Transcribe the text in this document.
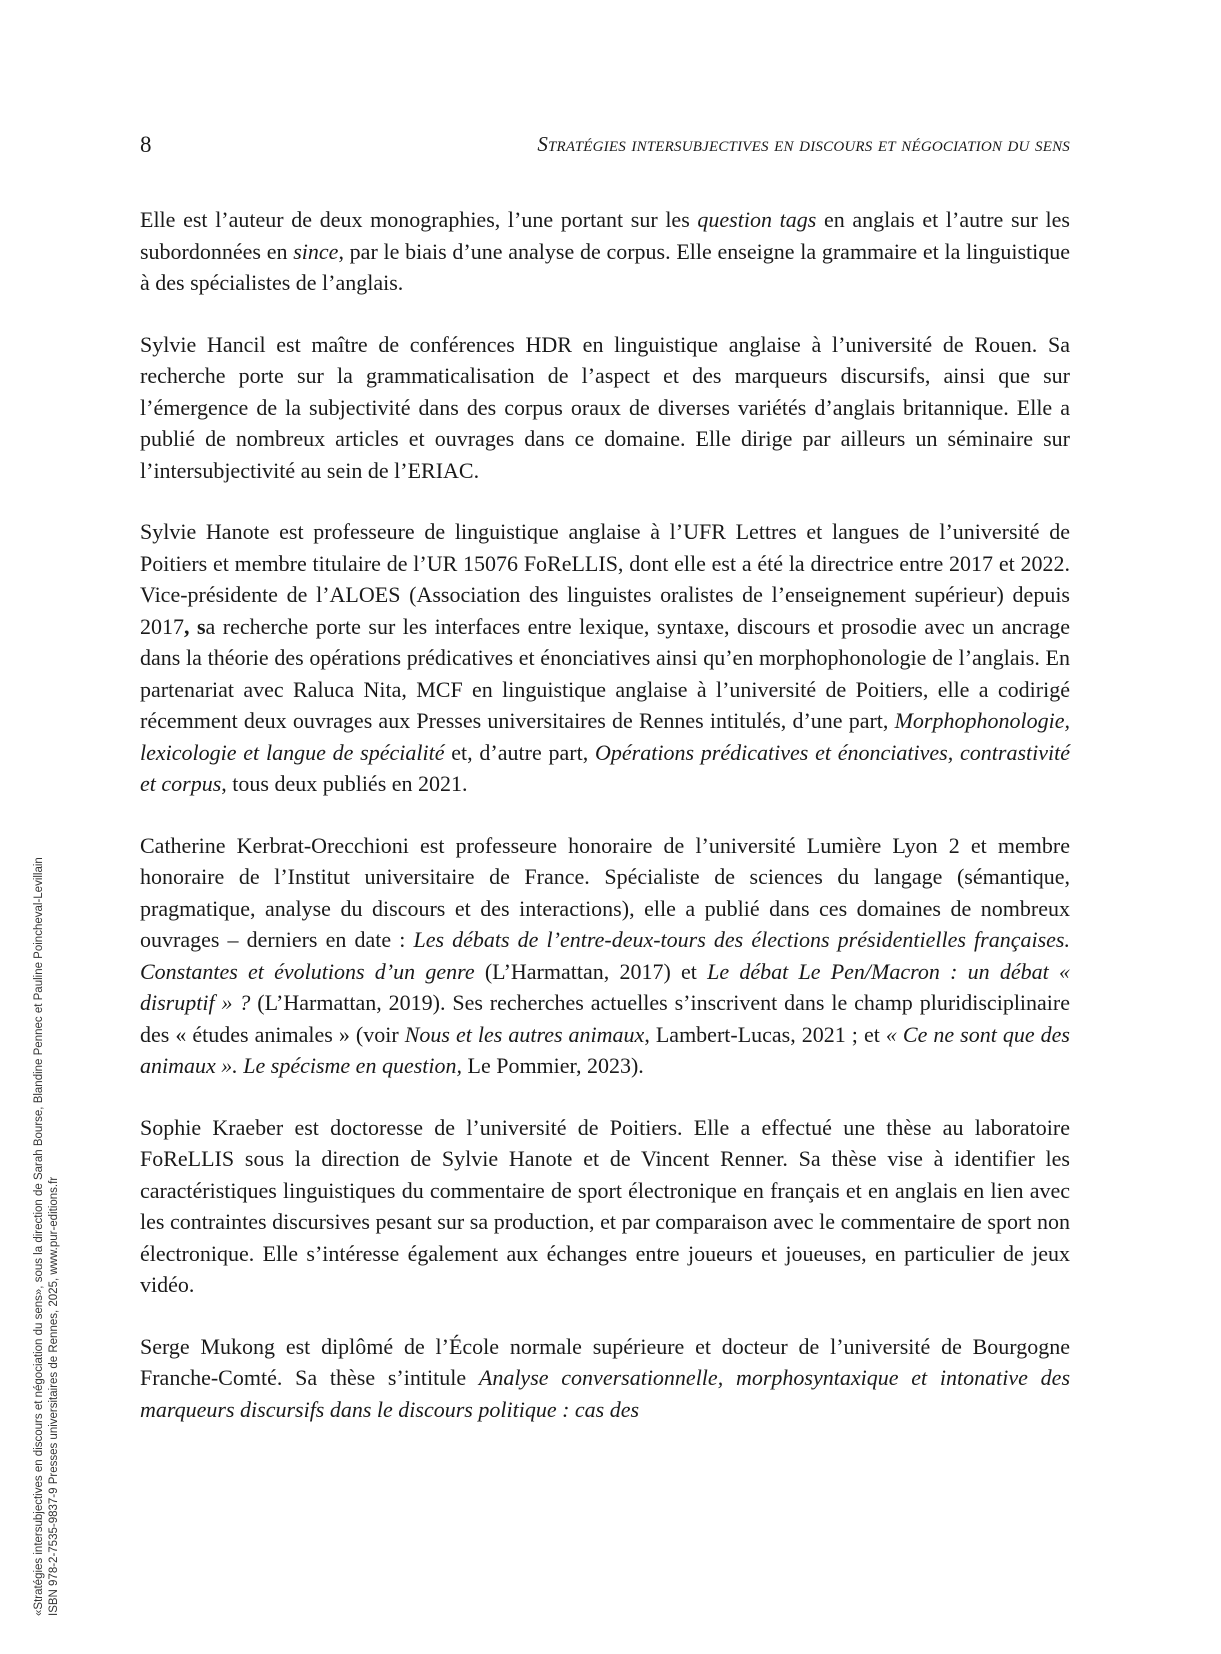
8	Stratégies intersubjectives en discours et négociation du sens

Elle est l’auteur de deux monographies, l’une portant sur les question tags en anglais et l’autre sur les subordonnées en since, par le biais d’une analyse de corpus. Elle enseigne la grammaire et la linguistique à des spécialistes de l’anglais.

Sylvie Hancil est maître de conférences HDR en linguistique anglaise à l’université de Rouen. Sa recherche porte sur la grammaticalisation de l’aspect et des marqueurs discursifs, ainsi que sur l’émergence de la subjectivité dans des corpus oraux de diverses variétés d’anglais britannique. Elle a publié de nombreux articles et ouvrages dans ce domaine. Elle dirige par ailleurs un séminaire sur l’intersubjectivité au sein de l’ERIAC.

Sylvie Hanote est professeure de linguistique anglaise à l’UFR Lettres et langues de l’université de Poitiers et membre titulaire de l’UR 15076 FoReLLIS, dont elle est a été la directrice entre 2017 et 2022. Vice-présidente de l’ALOES (Association des linguistes oralistes de l’enseignement supérieur) depuis 2017, sa recherche porte sur les interfaces entre lexique, syntaxe, discours et prosodie avec un ancrage dans la théorie des opérations prédicatives et énonciatives ainsi qu’en morphophonologie de l’anglais. En partenariat avec Raluca Nita, MCF en linguistique anglaise à l’université de Poitiers, elle a codirigé récemment deux ouvrages aux Presses universitaires de Rennes intitulés, d’une part, Morphophonologie, lexicologie et langue de spécialité et, d’autre part, Opérations prédicatives et énonciatives, contrastivité et corpus, tous deux publiés en 2021.

Catherine Kerbrat-Orecchioni est professeure honoraire de l’université Lumière Lyon 2 et membre honoraire de l’Institut universitaire de France. Spécialiste de sciences du langage (sémantique, pragmatique, analyse du discours et des interactions), elle a publié dans ces domaines de nombreux ouvrages – derniers en date : Les débats de l’entre-deux-tours des élections présidentielles françaises. Constantes et évolutions d’un genre (L’Harmattan, 2017) et Le débat Le Pen/Macron : un débat « disruptif » ? (L’Harmattan, 2019). Ses recherches actuelles s’inscrivent dans le champ pluridisciplinaire des « études animales » (voir Nous et les autres animaux, Lambert-Lucas, 2021 ; et « Ce ne sont que des animaux ». Le spécisme en question, Le Pommier, 2023).

Sophie Kraeber est doctoresse de l’université de Poitiers. Elle a effectué une thèse au laboratoire FoReLLIS sous la direction de Sylvie Hanote et de Vincent Renner. Sa thèse vise à identifier les caractéristiques linguistiques du commentaire de sport électronique en français et en anglais en lien avec les contraintes discursives pesant sur sa production, et par comparaison avec le commentaire de sport non électronique. Elle s’intéresse également aux échanges entre joueurs et joueuses, en particulier de jeux vidéo.

Serge Mukong est diplômé de l’École normale supérieure et docteur de l’université de Bourgogne Franche-Comté. Sa thèse s’intitule Analyse conversationnelle, morphosyntaxique et intonative des marqueurs discursifs dans le discours politique : cas des

«Stratégies intersubjectives en discours et négociation du sens», sous la direction de Sarah Bourse, Blandine Pennec et Pauline Poincheval-Levillain ISBN 978-2-7535-9837-9 Presses universitaires de Rennes, 2025, www.pur-editions.fr
